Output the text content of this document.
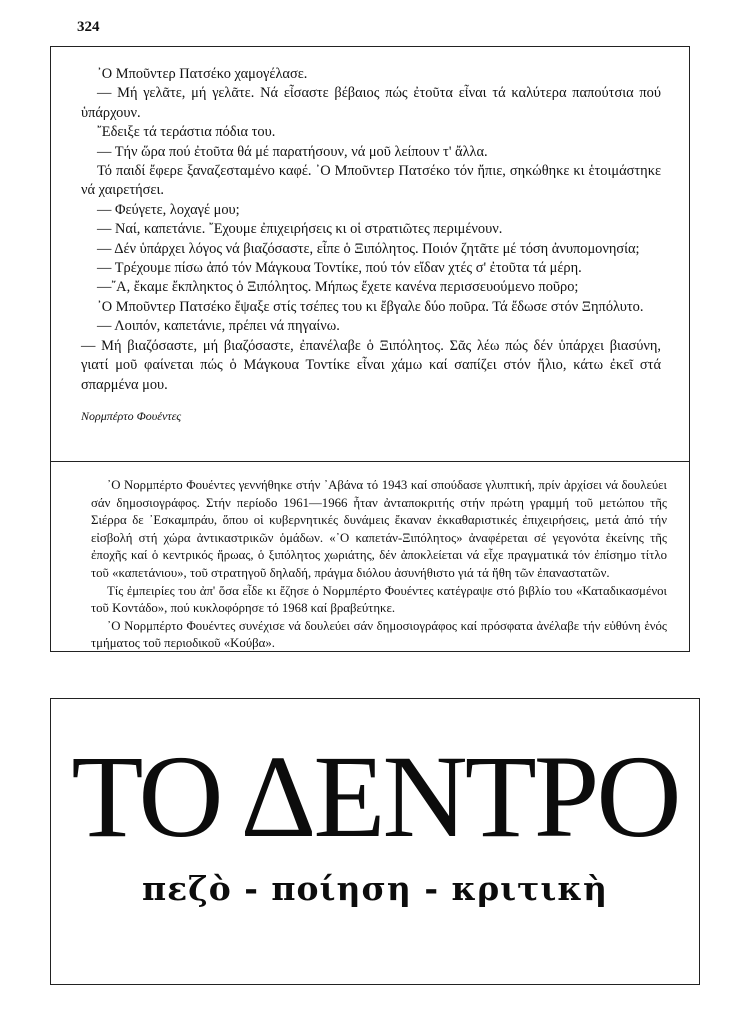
324

᾿Ο Μποῦντερ Πατσέκο χαμογέλασε.

— Μή γελᾶτε, μή γελᾶτε. Νά εἶσαστε βέβαιος πώς ἐτοῦτα εἶναι τά καλύτερα παπούτσια πού ὑπάρχουν.

῎Εδειξε τά τεράστια πόδια του.

— Τήν ὥρα πού ἐτοῦτα θά μέ παρατήσουν, νά μοῦ λείπουν τ' ἄλλα.

Τό παιδί ἔφερε ξαναζεσταμένο καφέ. ᾿Ο Μποῦντερ Πατσέκο τόν ἤπιε, σηκώθηκε κι ἑτοιμάστηκε νά χαιρετήσει.

— Φεύγετε, λοχαγέ μου;

— Ναί, καπετάνιε. ῎Εχουμε ἐπιχειρήσεις κι οἱ στρατιῶτες περιμένουν.

— Δέν ὑπάρχει λόγος νά βιαζόσαστε, εἶπε ὁ Ξιπόλητος. Ποιόν ζητᾶτε μέ τόση ἀνυπομονησία;

— Τρέχουμε πίσω ἀπό τόν Μάγκουα Τοντίκε, πού τόν εἴδαν χτές σ' ἐτοῦτα τά μέρη.

—῎Α, ἔκαμε ἔκπληκτος ὁ Ξιπόλητος. Μήπως ἔχετε κανένα περισσευούμενο ποῦρο;

᾿Ο Μποῦντερ Πατσέκο ἔψαξε στίς τσέπες του κι ἔβγαλε δύο ποῦρα. Τά ἔδωσε στόν Ξηπόλυτο.

— Λοιπόν, καπετάνιε, πρέπει νά πηγαίνω.

— Μή βιαζόσαστε, μή βιαζόσαστε, ἐπανέλαβε ὁ Ξιπόλητος. Σᾶς λέω πώς δέν ὑπάρχει βιασύνη, γιατί μοῦ φαίνεται πώς ὁ Μάγκουα Τοντίκε εἶναι χάμω καί σαπίζει στόν ἥλιο, κάτω ἐκεῖ στά σπαρμένα μου.

Νορμπέρτο Φουέντες

᾿Ο Νορμπέρτο Φουέντες γεννήθηκε στήν ᾿Αβάνα τό 1943 καί σπούδασε γλυπτική, πρίν ἀρχίσει νά δουλεύει σάν δημοσιογράφος. Στήν περίοδο 1961—1966 ἦταν ἀνταποκριτής στήν πρώτη γραμμή τοῦ μετώπου τῆς Σιέρρα δε ᾿Εσκαμπράυ, ὅπου οἱ κυβερνητικές δυνάμεις ἔκαναν ἐκκαθαριστικές ἐπιχειρήσεις, μετά ἀπό τήν εἰσβολή στή χώρα ἀντικαστρικῶν ὁμάδων. «᾿Ο καπετάν-Ξιπόλητος» ἀναφέρεται σέ γεγονότα ἐκείνης τῆς ἐποχῆς καί ὁ κεντρικός ἥρωας, ὁ ξιπόλητος χωριάτης, δέν ἀποκλείεται νά εἶχε πραγματικά τόν ἐπίσημο τίτλο τοῦ «καπετάνιου», τοῦ στρατηγοῦ δηλαδή, πράγμα διόλου ἀσυνήθιστο γιά τά ἤθη τῶν ἐπαναστατῶν.

Τίς ἐμπειρίες του ἀπ' ὅσα εἶδε κι ἔζησε ὁ Νορμπέρτο Φουέντες κατέγραψε στό βιβλίο του «Καταδικασμένοι τοῦ Κοντάδο», πού κυκλοφόρησε τό 1968 καί βραβεύτηκε.

᾿Ο Νορμπέρτο Φουέντες συνέχισε νά δουλεύει σάν δημοσιογράφος καί πρόσφατα ἀνέλαβε τήν εὐθύνη ἑνός τμήματος τοῦ περιοδικοῦ «Κούβα».

ΤΟ ΔΕΝΤΡΟ
πεζὸ - ποίηση - κριτικὴ
